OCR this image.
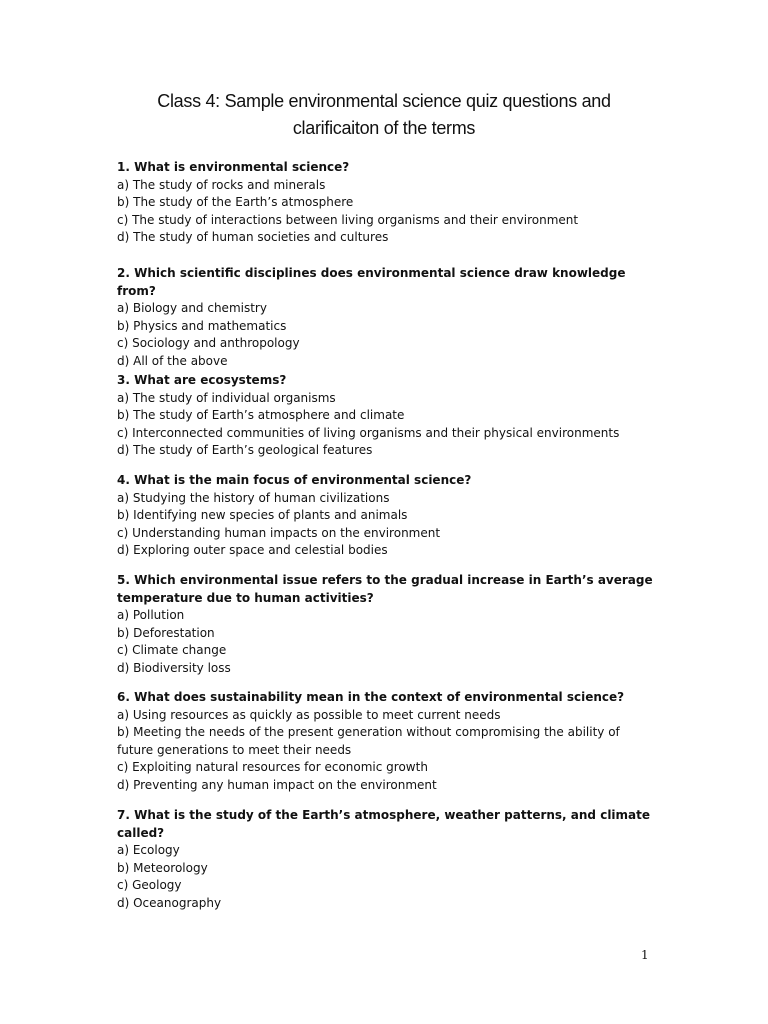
Class 4: Sample environmental science quiz questions and
clarificaiton of the terms
1. What is environmental science?
a) The study of rocks and minerals
b) The study of the Earth’s atmosphere
c) The study of interactions between living organisms and their environment
d) The study of human societies and cultures
2. Which scientific disciplines does environmental science draw knowledge from?
a) Biology and chemistry
b) Physics and mathematics
c) Sociology and anthropology
d) All of the above
3. What are ecosystems?
a) The study of individual organisms
b) The study of Earth’s atmosphere and climate
c) Interconnected communities of living organisms and their physical environments
d) The study of Earth’s geological features
4. What is the main focus of environmental science?
a) Studying the history of human civilizations
b) Identifying new species of plants and animals
c) Understanding human impacts on the environment
d) Exploring outer space and celestial bodies
5. Which environmental issue refers to the gradual increase in Earth’s average
temperature due to human activities?
a) Pollution
b) Deforestation
c) Climate change
d) Biodiversity loss
6. What does sustainability mean in the context of environmental science?
a) Using resources as quickly as possible to meet current needs
b) Meeting the needs of the present generation without compromising the ability of
future generations to meet their needs
c) Exploiting natural resources for economic growth
d) Preventing any human impact on the environment
7. What is the study of the Earth’s atmosphere, weather patterns, and climate
called?
a) Ecology
b) Meteorology
c) Geology
d) Oceanography
1
